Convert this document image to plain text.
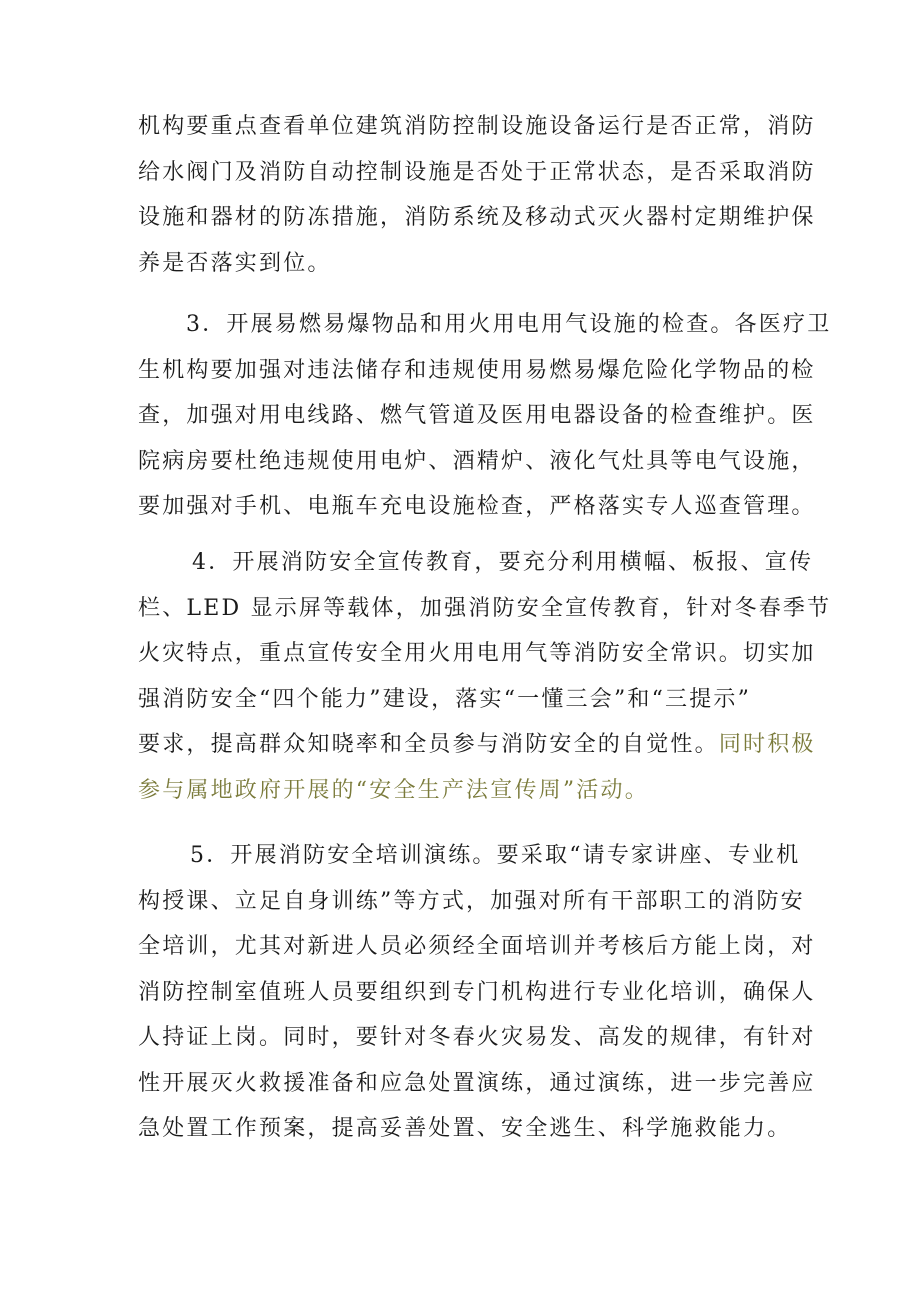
机构要重点查看单位建筑消防控制设施设备运行是否正常，消防
给水阀门及消防自动控制设施是否处于正常状态，是否采取消防
设施和器材的防冻措施，消防系统及移动式灭火器村定期维护保
养是否落实到位。

3．开展易燃易爆物品和用火用电用气设施的检查。各医疗卫
生机构要加强对违法储存和违规使用易燃易爆危险化学物品的检
查，加强对用电线路、燃气管道及医用电器设备的检查维护。医
院病房要杜绝违规使用电炉、酒精炉、液化气灶具等电气设施，
要加强对手机、电瓶车充电设施检查，严格落实专人巡查管理。

4．开展消防安全宣传教育，要充分利用横幅、板报、宣传
栏、LED 显示屏等载体，加强消防安全宣传教育，针对冬春季节
火灾特点，重点宣传安全用火用电用气等消防安全常识。切实加
强消防安全“四个能力”建设，落实“一懂三会”和“三提示”
要求，提高群众知晓率和全员参与消防安全的自觉性。同时积极
参与属地政府开展的“安全生产法宣传周”活动。

5．开展消防安全培训演练。要采取“请专家讲座、专业机
构授课、立足自身训练”等方式，加强对所有干部职工的消防安
全培训，尤其对新进人员必须经全面培训并考核后方能上岗，对
消防控制室值班人员要组织到专门机构进行专业化培训，确保人
人持证上岗。同时，要针对冬春火灾易发、高发的规律，有针对
性开展灭火救援准备和应急处置演练，通过演练，进一步完善应
急处置工作预案，提高妥善处置、安全逃生、科学施救能力。
